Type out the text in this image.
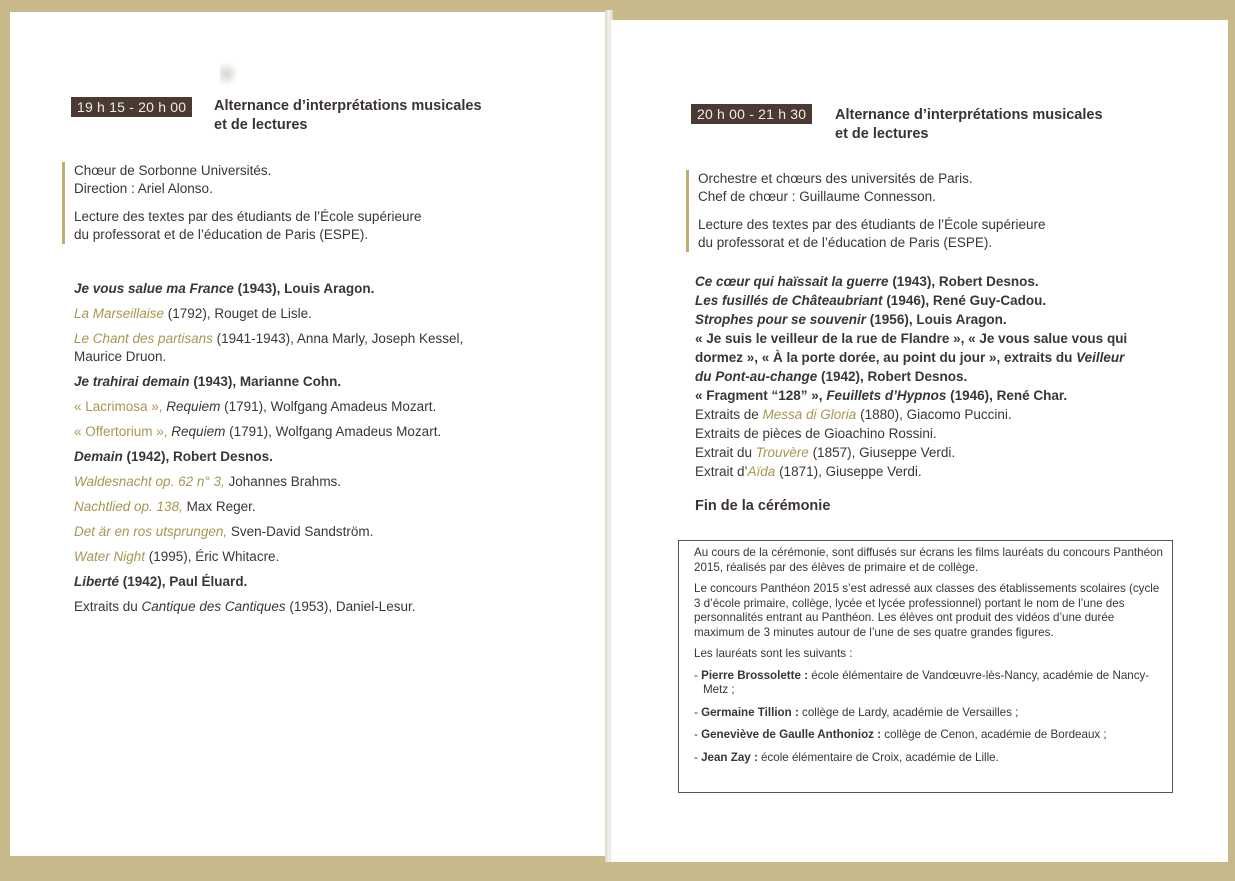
19 h 15 - 20 h 00	Alternance d’interprétations musicales
et de lectures

Chœur de Sorbonne Universités.

Direction : Ariel Alonso.

Lecture des textes par des étudiants de l’École supérieure

du professorat et de l’éducation de Paris (ESPE).

Je vous salue ma France (1943), Louis Aragon.
La Marseillaise (1792), Rouget de Lisle.
Le Chant des partisans (1941-1943), Anna Marly, Joseph Kessel,
Maurice Druon.
Je trahirai demain (1943), Marianne Cohn.
« Lacrimosa », Requiem (1791), Wolfgang Amadeus Mozart.
« Offertorium », Requiem (1791), Wolfgang Amadeus Mozart.
Demain (1942), Robert Desnos.
Waldesnacht op. 62 n° 3, Johannes Brahms.
Nachtlied op. 138, Max Reger.
Det är en ros utsprungen, Sven-David Sandström.
Water Night (1995), Éric Whitacre.
Liberté (1942), Paul Éluard.
Extraits du Cantique des Cantiques (1953), Daniel-Lesur.
20 h 00 - 21 h 30	Alternance d’interprétations musicales
et de lectures

Orchestre et chœurs des universités de Paris.

Chef de chœur : Guillaume Connesson.

Lecture des textes par des étudiants de l’École supérieure

du professorat et de l’éducation de Paris (ESPE).

Ce cœur qui haïssait la guerre (1943), Robert Desnos.
Les fusillés de Châteaubriant (1946), René Guy-Cadou.
Strophes pour se souvenir (1956), Louis Aragon.
« Je suis le veilleur de la rue de Flandre », « Je vous salue vous qui
dormez », « À la porte dorée, au point du jour », extraits du Veilleur
du Pont-au-change (1942), Robert Desnos.
« Fragment “128” », Feuillets d’Hypnos (1946), René Char.
Extraits de Messa di Gloria (1880), Giacomo Puccini.
Extraits de pièces de Gioachino Rossini.
Extrait du Trouvère (1857), Giuseppe Verdi.
Extrait d’Aïda (1871), Giuseppe Verdi.
Fin de la cérémonie

Au cours de la cérémonie, sont diffusés sur écrans les films lauréats du concours Panthéon 2015, réalisés par des élèves de primaire et de collège.

Le concours Panthéon 2015 s’est adressé aux classes des établissements scolaires (cycle 3 d’école primaire, collège, lycée et lycée professionnel) portant le nom de l’une des personnalités entrant au Panthéon. Les élèves ont produit des vidéos d’une durée maximum de 3 minutes autour de l’une de ses quatre grandes figures.

Les lauréats sont les suivants :

- Pierre Brossolette : école élémentaire de Vandœuvre-lès-Nancy, académie de Nancy-Metz ;
- Germaine Tillion : collège de Lardy, académie de Versailles ;
- Geneviève de Gaulle Anthonioz : collège de Cenon, académie de Bordeaux ;
- Jean Zay : école élémentaire de Croix, académie de Lille.
